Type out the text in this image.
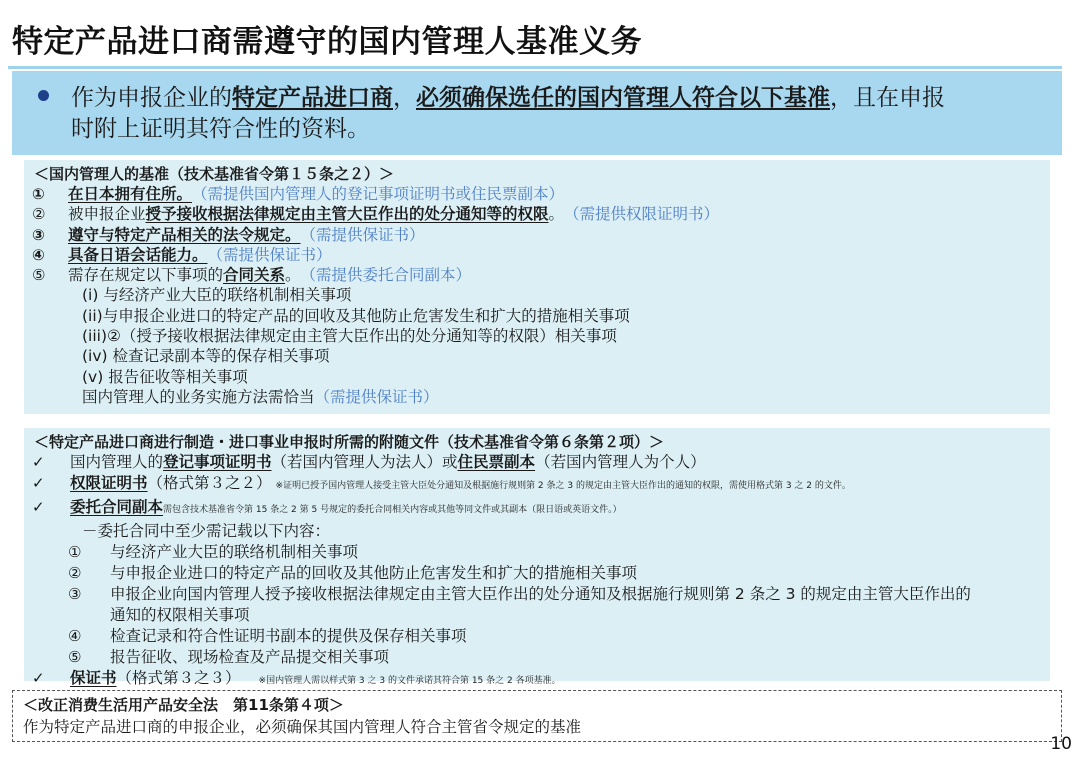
特定产品进口商需遵守的国内管理人基准义务
作为申报企业的特定产品进口商，必须确保选任的国内管理人符合以下基准，且在申报
时附上证明其符合性的资料。
＜国内管理人的基准（技术基准省令第１５条之２）＞
①	在日本拥有住所。 （需提供国内管理人的登记事项证明书或住民票副本）
②	被申报企业 授予接收根据法律规定由主管大臣作出的处分通知等的权限 。 （需提供权限证明书）
③	遵守与特定产品相关的法令规定。 （需提供保证书）
④	具备日语会话能力。 （需提供保证书）
⑤	需存在规定以下事项的 合同关系 。 （需提供委托合同副本）
(i) 与经济产业大臣的联络机制相关事项
(ii)与申报企业进口的特定产品的回收及其他防止危害发生和扩大的措施相关事项
(iii)②（授予接收根据法律规定由主管大臣作出的处分通知等的权限）相关事项
(ⅰⅴ) 检查记录副本等的保存相关事项
(ⅴ) 报告征收等相关事项
国内管理人的业务实施方法需恰当（需提供保证书）
＜特定产品进口商进行制造・进口事业申报时所需的附随文件（技术基准省令第６条第２项）＞
✓	国内管理人的 登记事项证明书 （若国内管理人为法人）或 住民票副本 （若国内管理人为个人）
✓	权限证明书 （格式第３之２） ※证明已授予国内管理人接受主管大臣处分通知及根据施行规则第 2 条之 3 的规定由主管大臣作出的通知的权限，需使用格式第 3 之 2 的文件。
✓	委托合同副本 需包含技术基准省令第 15 条之 2 第 5 号规定的委托合同相关内容或其他等同文件或其副本（限日语或英语文件。）
－委托合同中至少需记载以下内容：
①	与经济产业大臣的联络机制相关事项
②	与申报企业进口的特定产品的回收及其他防止危害发生和扩大的措施相关事项
③	申报企业向国内管理人授予接收根据法律规定由主管大臣作出的处分通知及根据施行规则第 2 条之 3 的规定由主管大臣作出的
通知的权限相关事项
④	检查记录和符合性证明书副本的提供及保存相关事项
⑤	报告征收、现场检查及产品提交相关事项
✓	保证书 （格式第３之３） ※国内管理人需以样式第 3 之 3 的文件承诺其符合第 15 条之 2 各项基准。
＜改正消费生活用产品安全法　第11条第４项＞
作为特定产品进口商的申报企业，必须确保其国内管理人符合主管省令规定的基准
10
